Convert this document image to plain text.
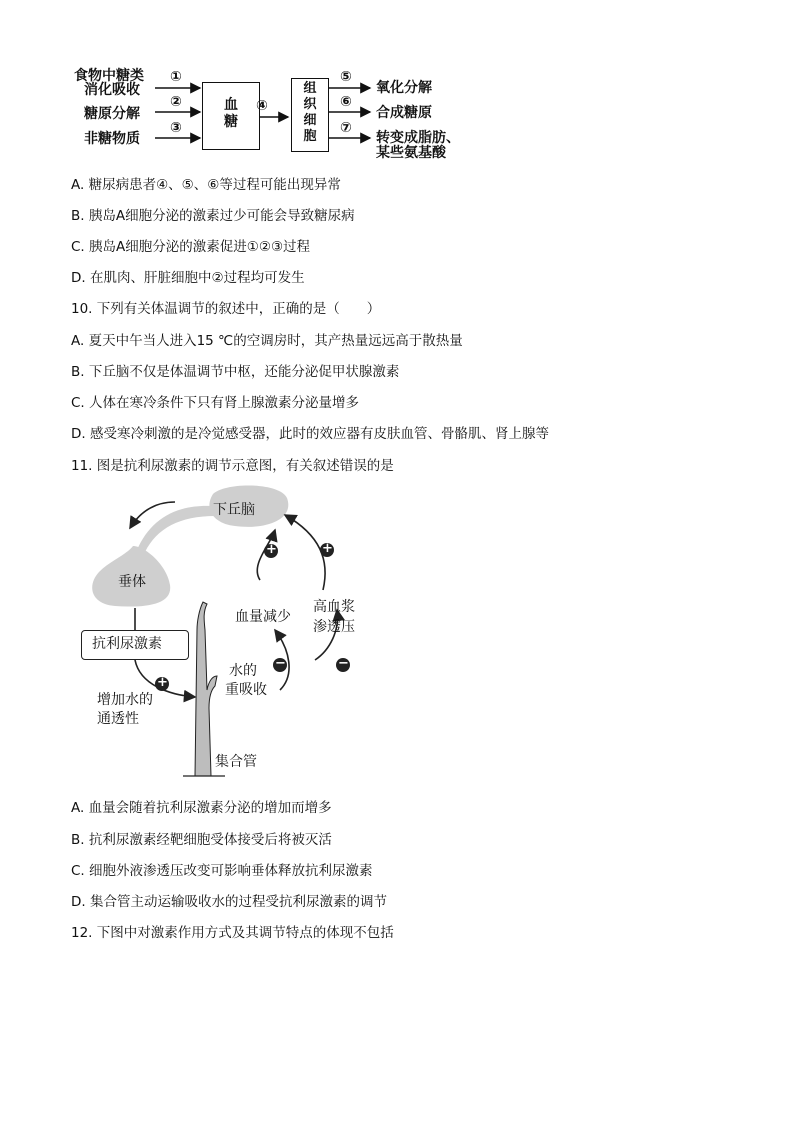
食物中糖类
消化吸收
糖原分解
非糖物质
①
②
③
血
糖
④
组
织
细
胞
⑤
⑥
⑦
氧化分解
合成糖原
转变成脂肪、
某些氨基酸
A. 糖尿病患者④、⑤、⑥等过程可能出现异常
B. 胰岛A细胞分泌的激素过少可能会导致糖尿病
C. 胰岛A细胞分泌的激素促进①②③过程
D. 在肌肉、肝脏细胞中②过程均可发生
10. 下列有关体温调节的叙述中，正确的是（　　）
A. 夏天中午当人进入15 ℃的空调房时，其产热量远远高于散热量
B. 下丘脑不仅是体温调节中枢，还能分泌促甲状腺激素
C. 人体在寒冷条件下只有肾上腺激素分泌量增多
D. 感受寒冷刺激的是冷觉感受器，此时的效应器有皮肤血管、骨骼肌、肾上腺等
11. 图是抗利尿激素的调节示意图，有关叙述错误的是
+	+
−	−
+
下丘脑
垂体
抗利尿激素
血量减少
高血浆
渗透压
水的
重吸收
增加水的
通透性
集合管
A. 血量会随着抗利尿激素分泌的增加而增多
B. 抗利尿激素经靶细胞受体接受后将被灭活
C. 细胞外液渗透压改变可影响垂体释放抗利尿激素
D. 集合管主动运输吸收水的过程受抗利尿激素的调节
12. 下图中对激素作用方式及其调节特点的体现不包括
